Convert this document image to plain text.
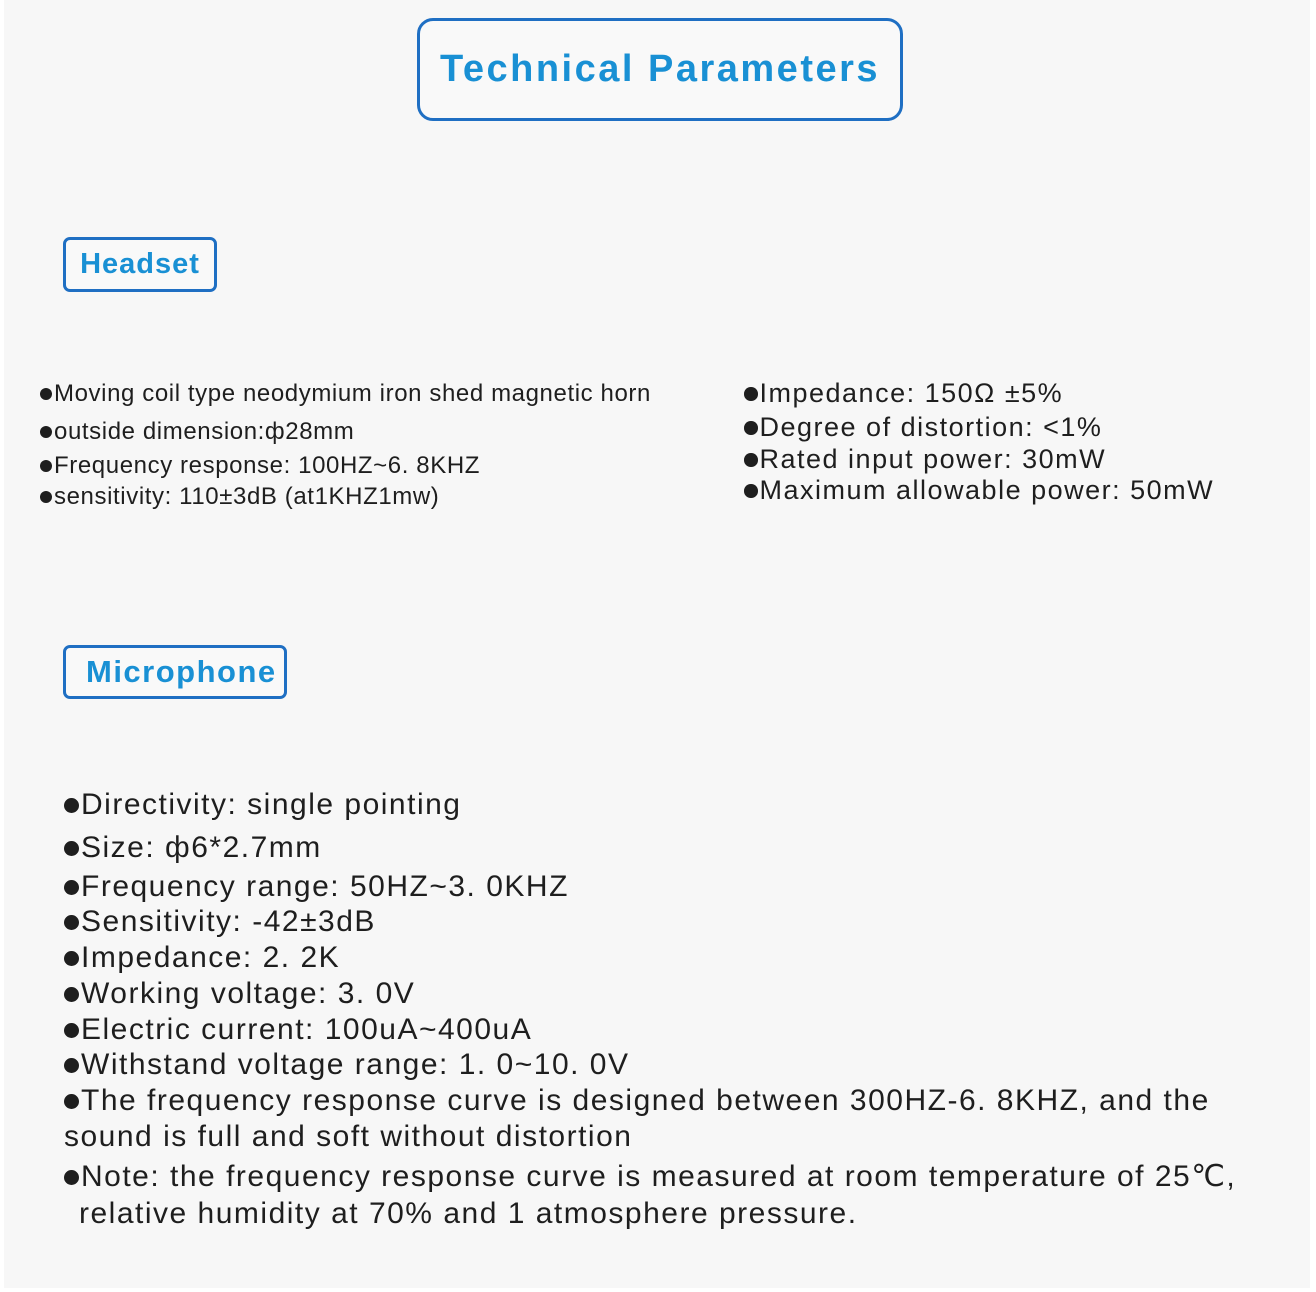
Technical Parameters
Headset
Moving coil type neodymium iron shed magnetic horn
outside dimension:ф28mm
Frequency response: 100HZ~6. 8KHZ
sensitivity: 110±3dB (at1KHZ1mw)
Impedance: 150Ω ±5%
Degree of distortion: <1%
Rated input power: 30mW
Maximum allowable power: 50mW
Microphone
Directivity: single pointing
Size: ф6*2.7mm
Frequency range: 50HZ~3. 0KHZ
Sensitivity: -42±3dB
Impedance: 2. 2K
Working voltage: 3. 0V
Electric current: 100uA~400uA
Withstand voltage range: 1. 0~10. 0V
The frequency response curve is designed between 300HZ-6. 8KHZ, and the
sound is full and soft without distortion
Note: the frequency response curve is measured at room temperature of 25℃,
relative humidity at 70% and 1 atmosphere pressure.
